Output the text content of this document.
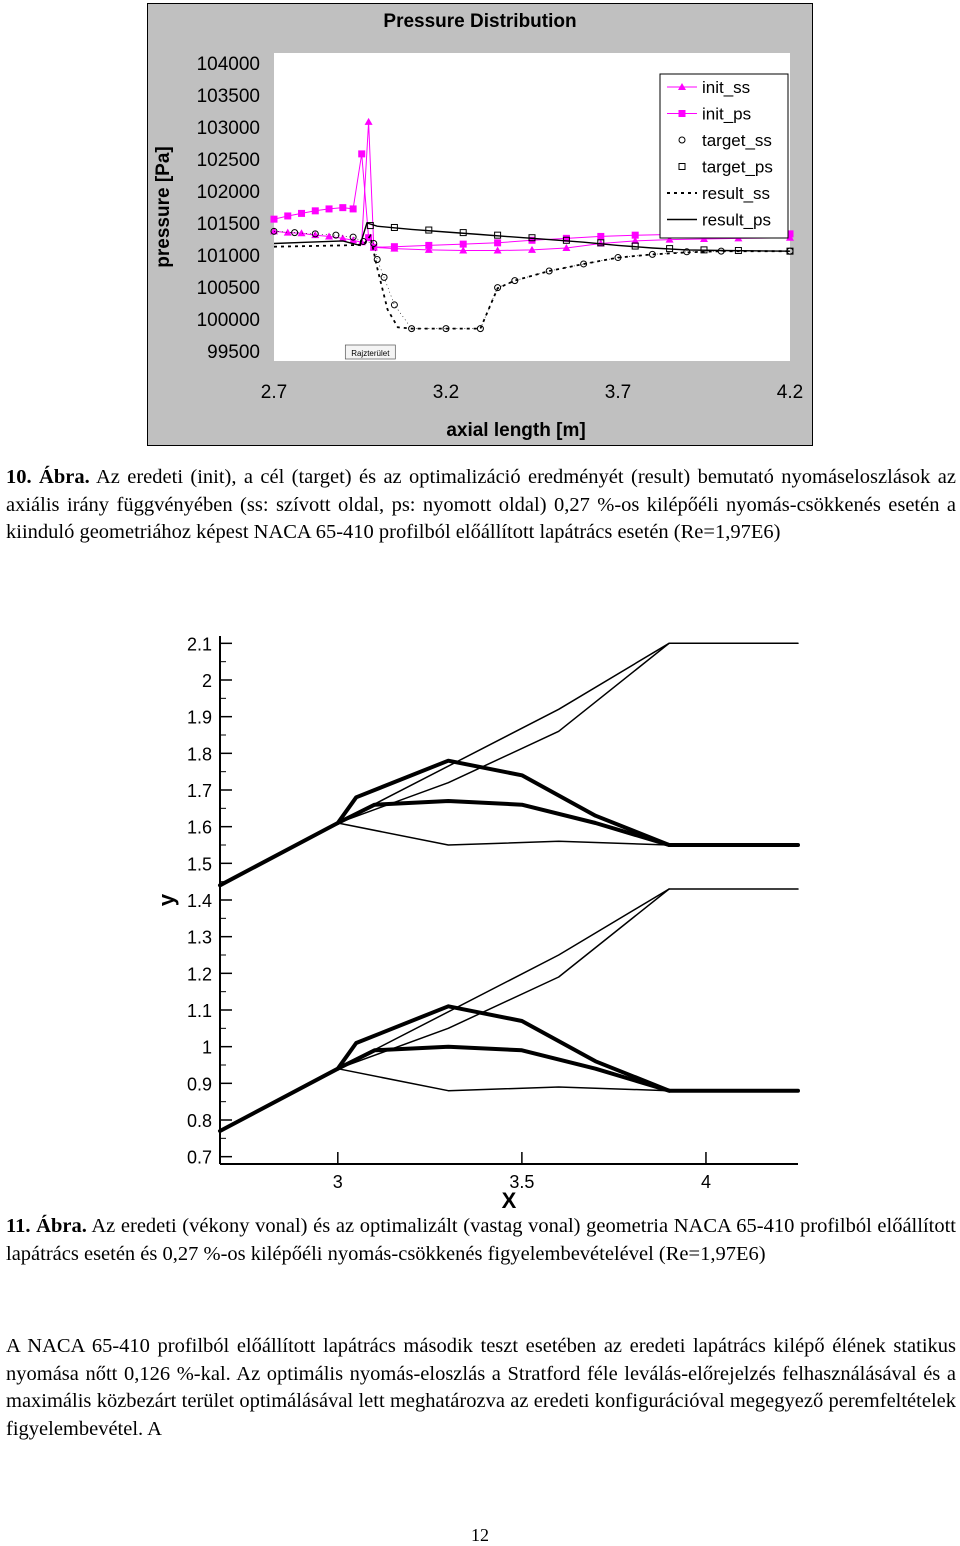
Pressure Distribution
axial length [m]
pressure [Pa]
104000
103500
103000
102500
102000
101500
101000
100500
100000
99500
2.7	3.2	3.7	4.2
Rajzterület
init_ss
init_ps
target_ss
target_ps
result_ss
result_ps
10. Ábra. Az eredeti (init), a cél (target) és az optimalizáció eredményét (result) bemutató nyomáseloszlások az axiális irány függvényében (ss: szívott oldal, ps: nyomott oldal) 0,27 %-os kilépőéli nyomás-csökkenés esetén a kiinduló geometriához képest NACA 65-410 profilból előállított lapátrács esetén (Re=1,97E6)
2.1
2
1.9
1.8
1.7
1.6
1.5
1.4
1.3
1.2
1.1
1
0.9
0.8
0.7
3	3.5	4
X
y
11. Ábra. Az eredeti (vékony vonal) és az optimalizált (vastag vonal) geometria NACA 65-410 profilból előállított lapátrács esetén és 0,27 %-os kilépőéli nyomás-csökkenés figyelembevételével (Re=1,97E6)
A NACA 65-410 profilból előállított lapátrács második teszt esetében az eredeti lapátrács kilépő élének statikus nyomása nőtt 0,126 %-kal. Az optimális nyomás-eloszlás a Stratford féle leválás-előrejelzés felhasználásával és a maximális közbezárt terület optimálásával lett meghatározva az eredeti konfigurációval megegyező peremfeltételek figyelembevétel. A
12
